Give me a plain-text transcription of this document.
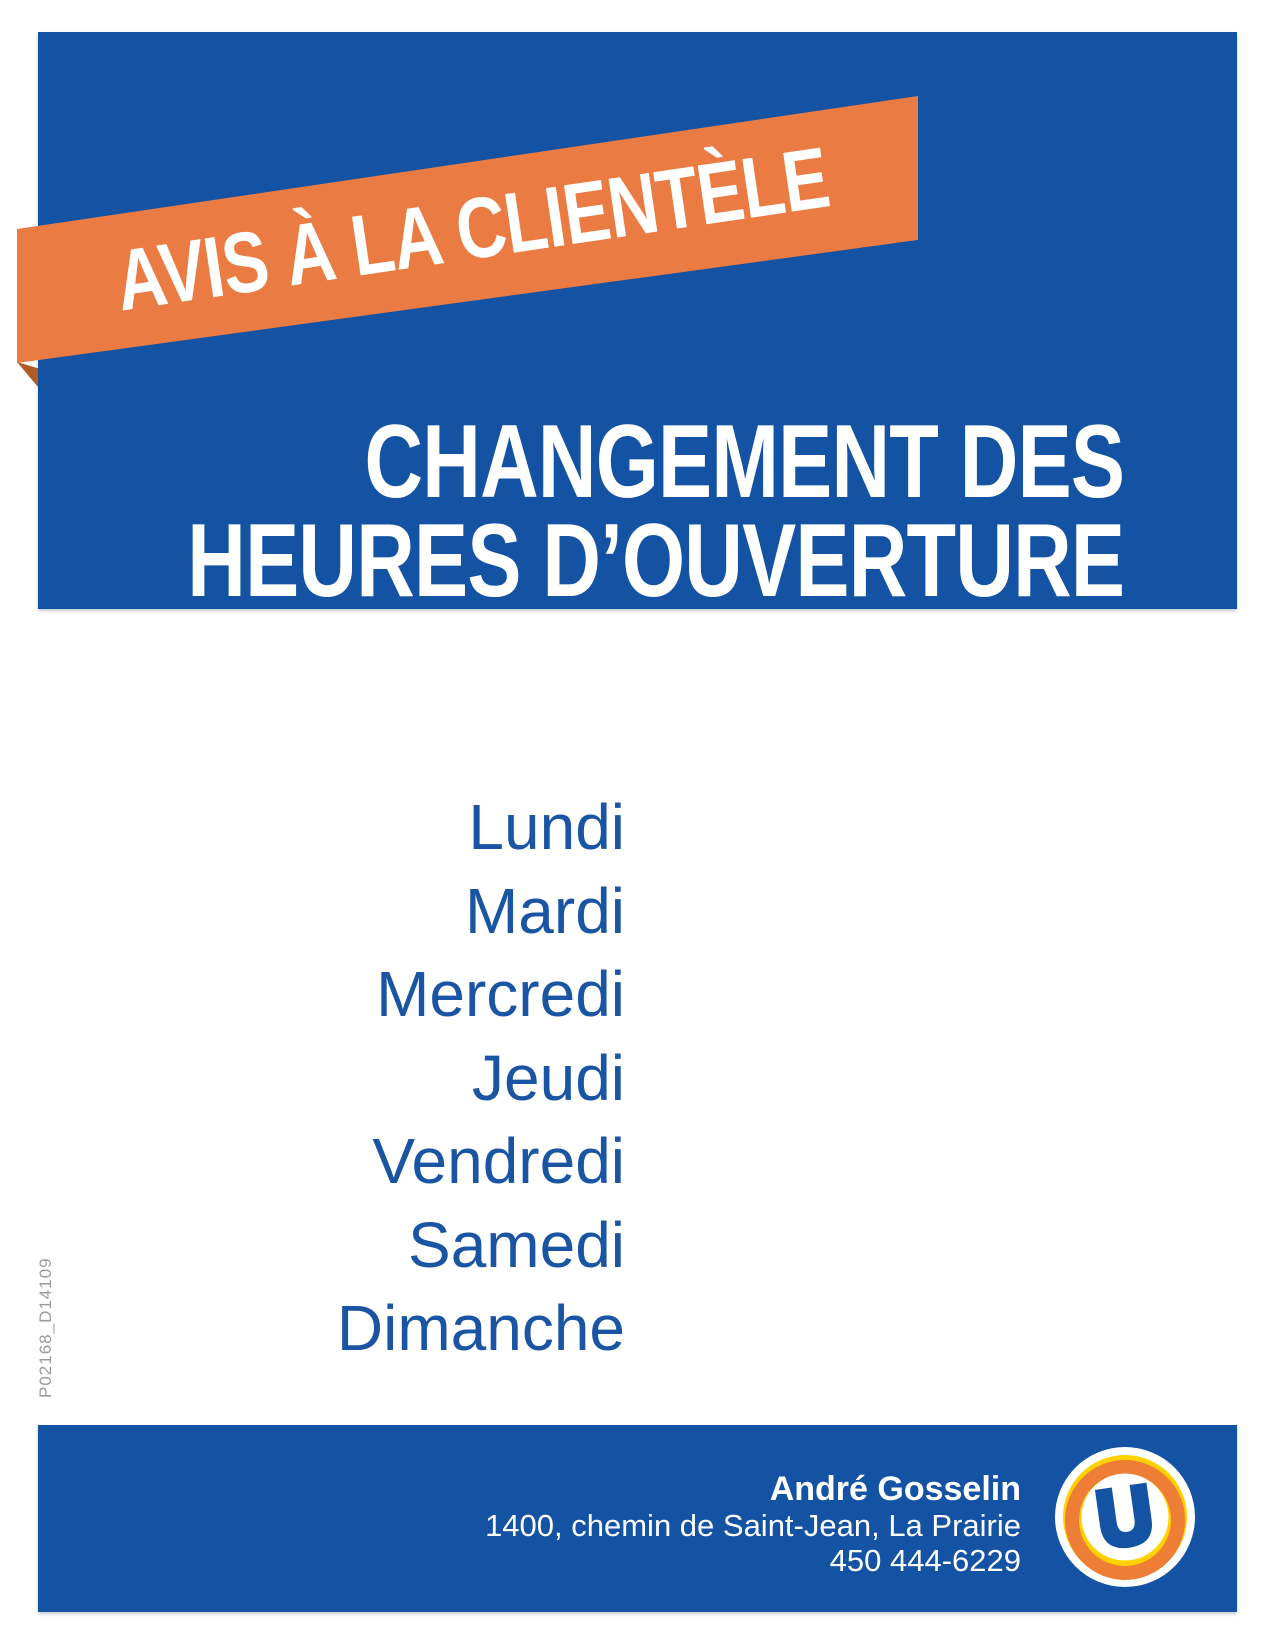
CHANGEMENT DES
HEURES D’OUVERTURE
AVIS À LA CLIENTÈLE
Lundi
Mardi
Mercredi
Jeudi
Vendredi
Samedi
Dimanche
P02168_D14109
André Gosselin
1400, chemin de Saint-Jean, La Prairie
450 444-6229
